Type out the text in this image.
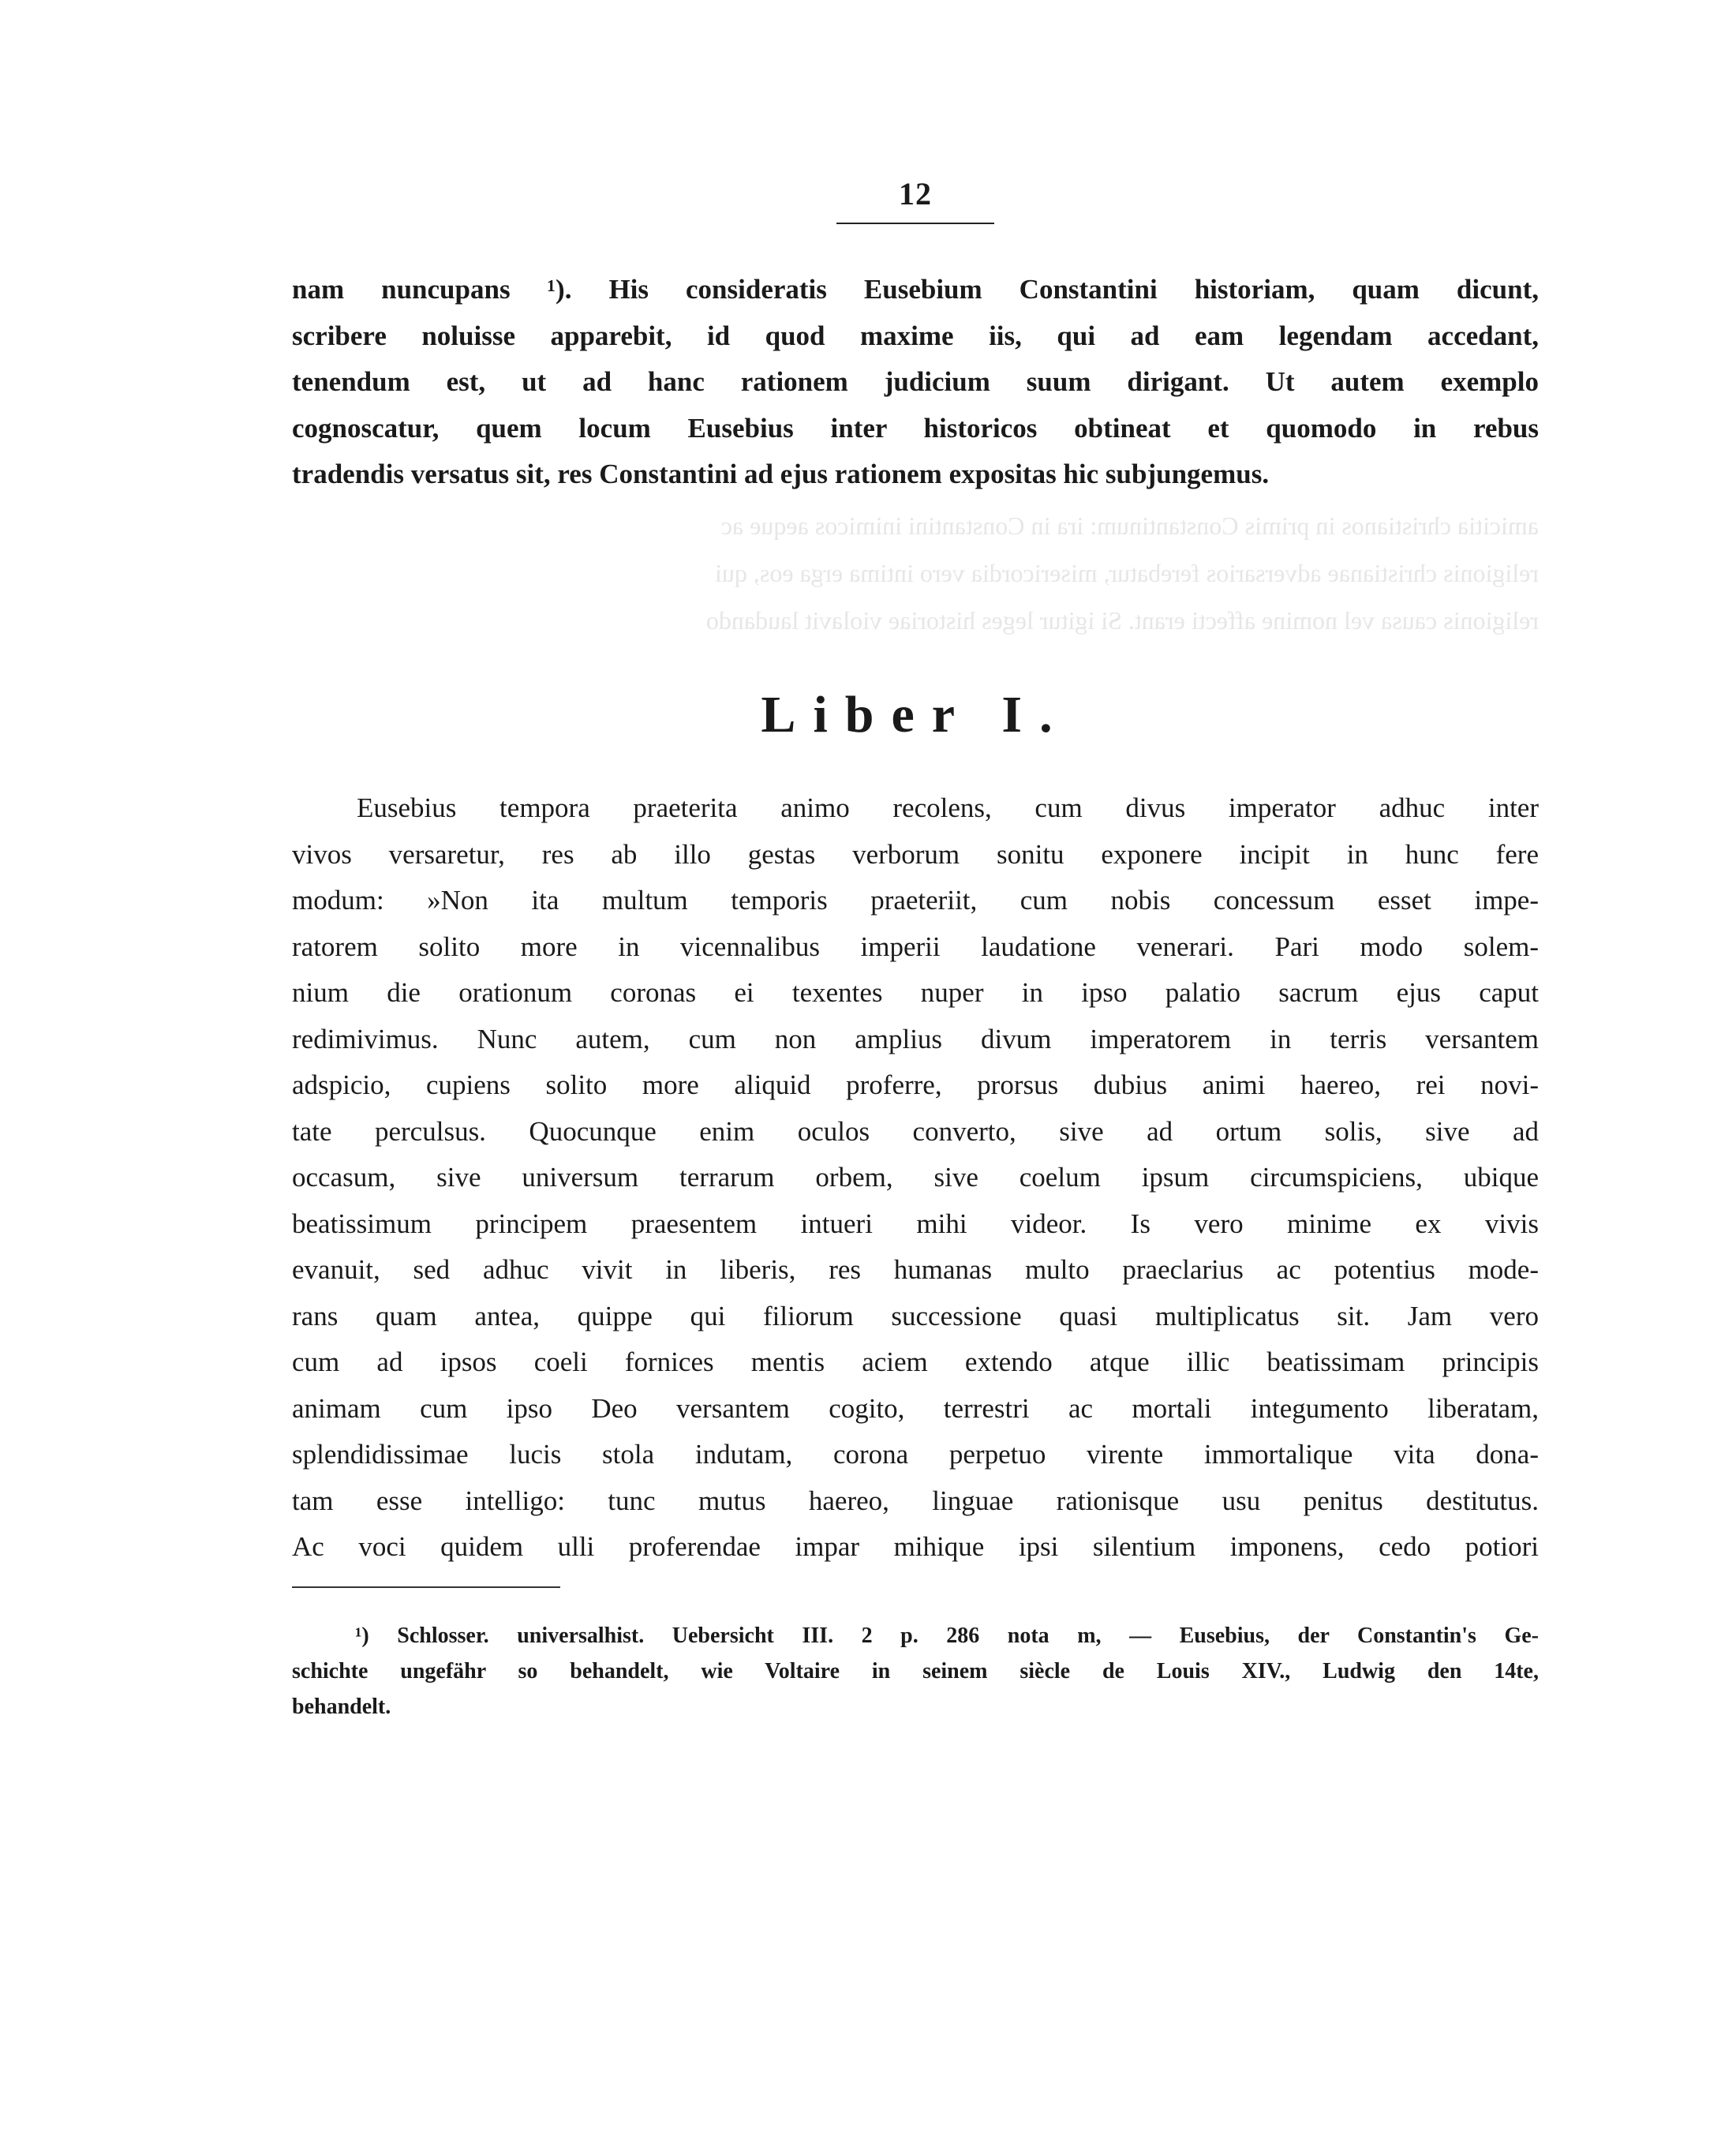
amicitia christianos in primis Constantinum: ira in Constantini inimicos aeque ac
religionis christianae adversarios ferebatur, misericordia vero intima erga eos, qui
religionis causa vel nomine affecti erant. Si igitur leges historiae violavit laudando
12
nam nuncupans ¹). His consideratis Eusebium Constantini historiam, quam dicunt,
scribere noluisse apparebit, id quod maxime iis, qui ad eam legendam accedant,
tenendum est, ut ad hanc rationem judicium suum dirigant. Ut autem exemplo
cognoscatur, quem locum Eusebius inter historicos obtineat et quomodo in rebus
tradendis versatus sit, res Constantini ad ejus rationem expositas hic subjungemus.
Liber I.
Eusebius tempora praeterita animo recolens, cum divus imperator adhuc inter
vivos versaretur, res ab illo gestas verborum sonitu exponere incipit in hunc fere
modum: »Non ita multum temporis praeteriit, cum nobis concessum esset impe-
ratorem solito more in vicennalibus imperii laudatione venerari. Pari modo solem-
nium die orationum coronas ei texentes nuper in ipso palatio sacrum ejus caput
redimivimus. Nunc autem, cum non amplius divum imperatorem in terris versantem
adspicio, cupiens solito more aliquid proferre, prorsus dubius animi haereo, rei novi-
tate perculsus. Quocunque enim oculos converto, sive ad ortum solis, sive ad
occasum, sive universum terrarum orbem, sive coelum ipsum circumspiciens, ubique
beatissimum principem praesentem intueri mihi videor. Is vero minime ex vivis
evanuit, sed adhuc vivit in liberis, res humanas multo praeclarius ac potentius mode-
rans quam antea, quippe qui filiorum successione quasi multiplicatus sit. Jam vero
cum ad ipsos coeli fornices mentis aciem extendo atque illic beatissimam principis
animam cum ipso Deo versantem cogito, terrestri ac mortali integumento liberatam,
splendidissimae lucis stola indutam, corona perpetuo virente immortalique vita dona-
tam esse intelligo: tunc mutus haereo, linguae rationisque usu penitus destitutus.
Ac voci quidem ulli proferendae impar mihique ipsi silentium imponens, cedo potiori
¹) Schlosser. universalhist. Uebersicht III. 2 p. 286 nota m, — Eusebius, der Constantin's Ge-
schichte ungefähr so behandelt, wie Voltaire in seinem siècle de Louis XIV., Ludwig den 14te,
behandelt.
